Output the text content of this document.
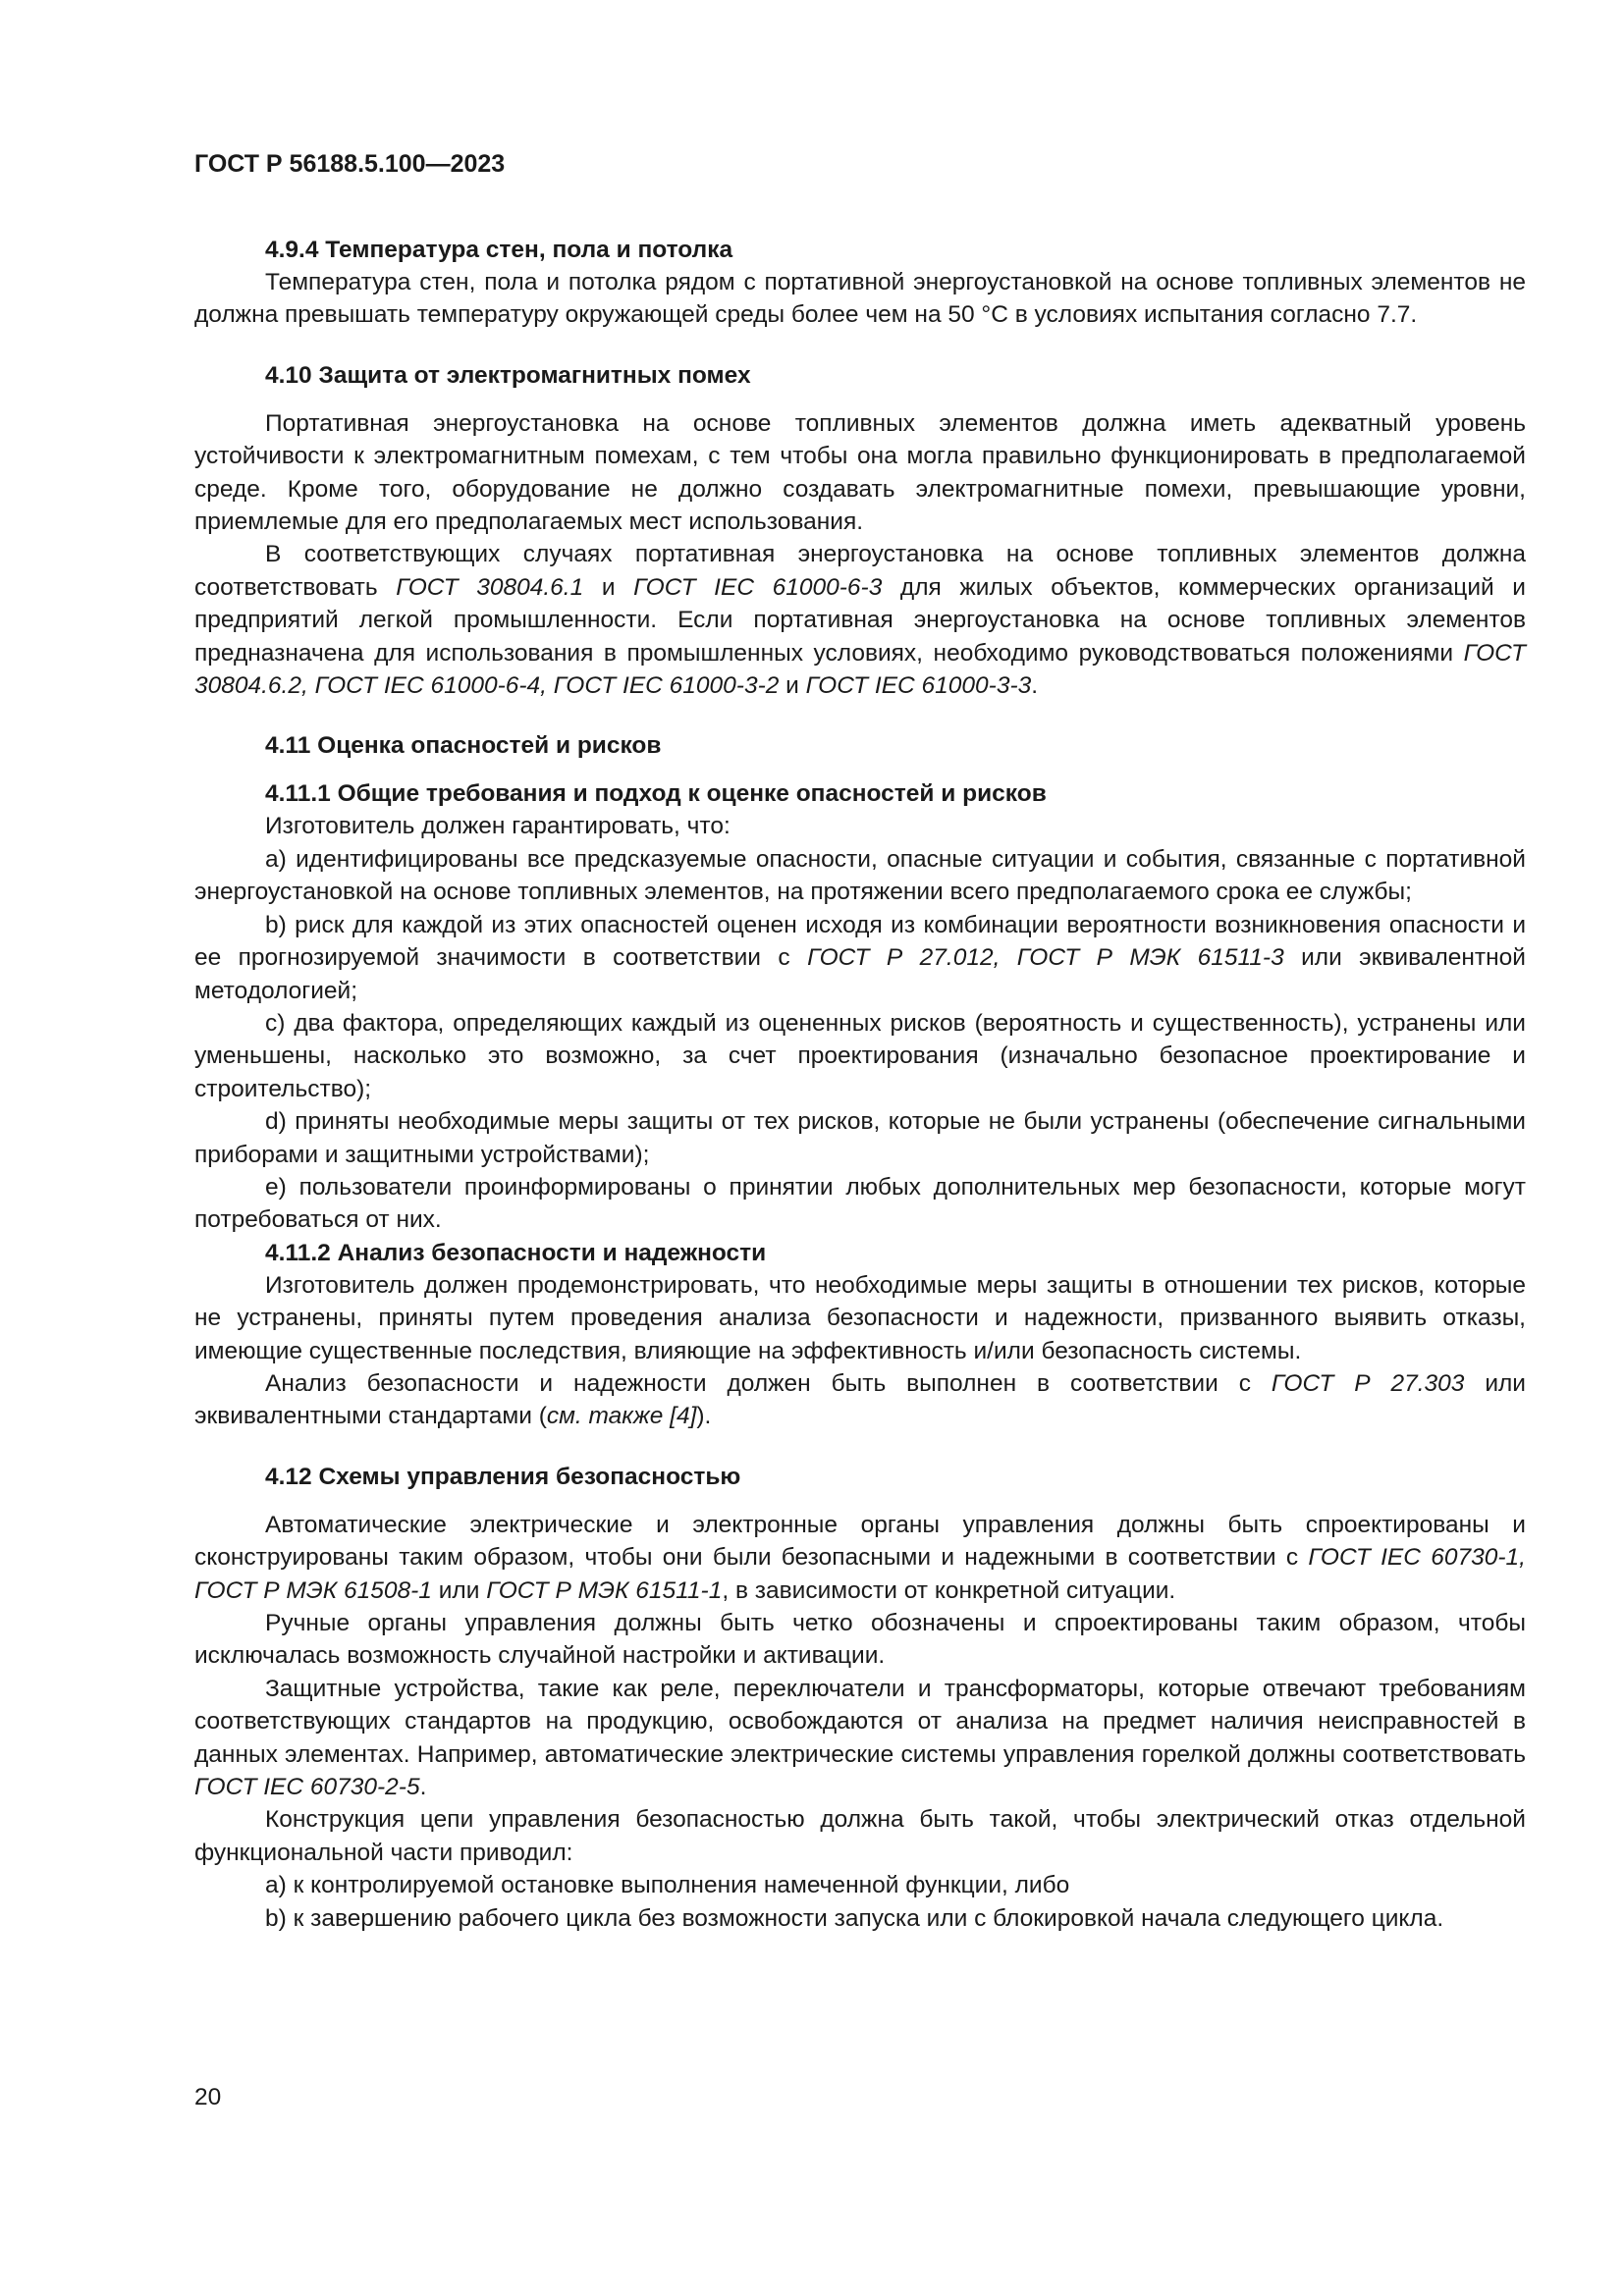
ГОСТ Р 56188.5.100—2023

4.9.4 Температура стен, пола и потолка

Температура стен, пола и потолка рядом с портативной энергоустановкой на основе топливных элементов не должна превышать температуру окружающей среды более чем на 50 °С в условиях испытания согласно 7.7.

4.10 Защита от электромагнитных помех

Портативная энергоустановка на основе топливных элементов должна иметь адекватный уровень устойчивости к электромагнитным помехам, с тем чтобы она могла правильно функционировать в предполагаемой среде. Кроме того, оборудование не должно создавать электромагнитные помехи, превышающие уровни, приемлемые для его предполагаемых мест использования.

В соответствующих случаях портативная энергоустановка на основе топливных элементов должна соответствовать ГОСТ 30804.6.1 и ГОСТ IEC 61000-6-3 для жилых объектов, коммерческих организаций и предприятий легкой промышленности. Если портативная энергоустановка на основе топливных элементов предназначена для использования в промышленных условиях, необходимо руководствоваться положениями ГОСТ 30804.6.2, ГОСТ IEC 61000-6-4, ГОСТ IEC 61000-3-2 и ГОСТ IEC 61000-3-3.

4.11 Оценка опасностей и рисков

4.11.1 Общие требования и подход к оценке опасностей и рисков

Изготовитель должен гарантировать, что:

a) идентифицированы все предсказуемые опасности, опасные ситуации и события, связанные с портативной энергоустановкой на основе топливных элементов, на протяжении всего предполагаемого срока ее службы;

b) риск для каждой из этих опасностей оценен исходя из комбинации вероятности возникновения опасности и ее прогнозируемой значимости в соответствии с ГОСТ Р 27.012, ГОСТ Р МЭК 61511-3 или эквивалентной методологией;

c) два фактора, определяющих каждый из оцененных рисков (вероятность и существенность), устранены или уменьшены, насколько это возможно, за счет проектирования (изначально безопасное проектирование и строительство);

d) приняты необходимые меры защиты от тех рисков, которые не были устранены (обеспечение сигнальными приборами и защитными устройствами);

e) пользователи проинформированы о принятии любых дополнительных мер безопасности, которые могут потребоваться от них.

4.11.2 Анализ безопасности и надежности

Изготовитель должен продемонстрировать, что необходимые меры защиты в отношении тех рисков, которые не устранены, приняты путем проведения анализа безопасности и надежности, призванного выявить отказы, имеющие существенные последствия, влияющие на эффективность и/или безопасность системы.

Анализ безопасности и надежности должен быть выполнен в соответствии с ГОСТ Р 27.303 или эквивалентными стандартами (см. также [4]).

4.12 Схемы управления безопасностью

Автоматические электрические и электронные органы управления должны быть спроектированы и сконструированы таким образом, чтобы они были безопасными и надежными в соответствии с ГОСТ IEC 60730-1, ГОСТ Р МЭК 61508-1 или ГОСТ Р МЭК 61511-1, в зависимости от конкретной ситуации.

Ручные органы управления должны быть четко обозначены и спроектированы таким образом, чтобы исключалась возможность случайной настройки и активации.

Защитные устройства, такие как реле, переключатели и трансформаторы, которые отвечают требованиям соответствующих стандартов на продукцию, освобождаются от анализа на предмет наличия неисправностей в данных элементах. Например, автоматические электрические системы управления горелкой должны соответствовать ГОСТ IEC 60730-2-5.

Конструкция цепи управления безопасностью должна быть такой, чтобы электрический отказ отдельной функциональной части приводил:

a) к контролируемой остановке выполнения намеченной функции, либо

b) к завершению рабочего цикла без возможности запуска или с блокировкой начала следующего цикла.

20
